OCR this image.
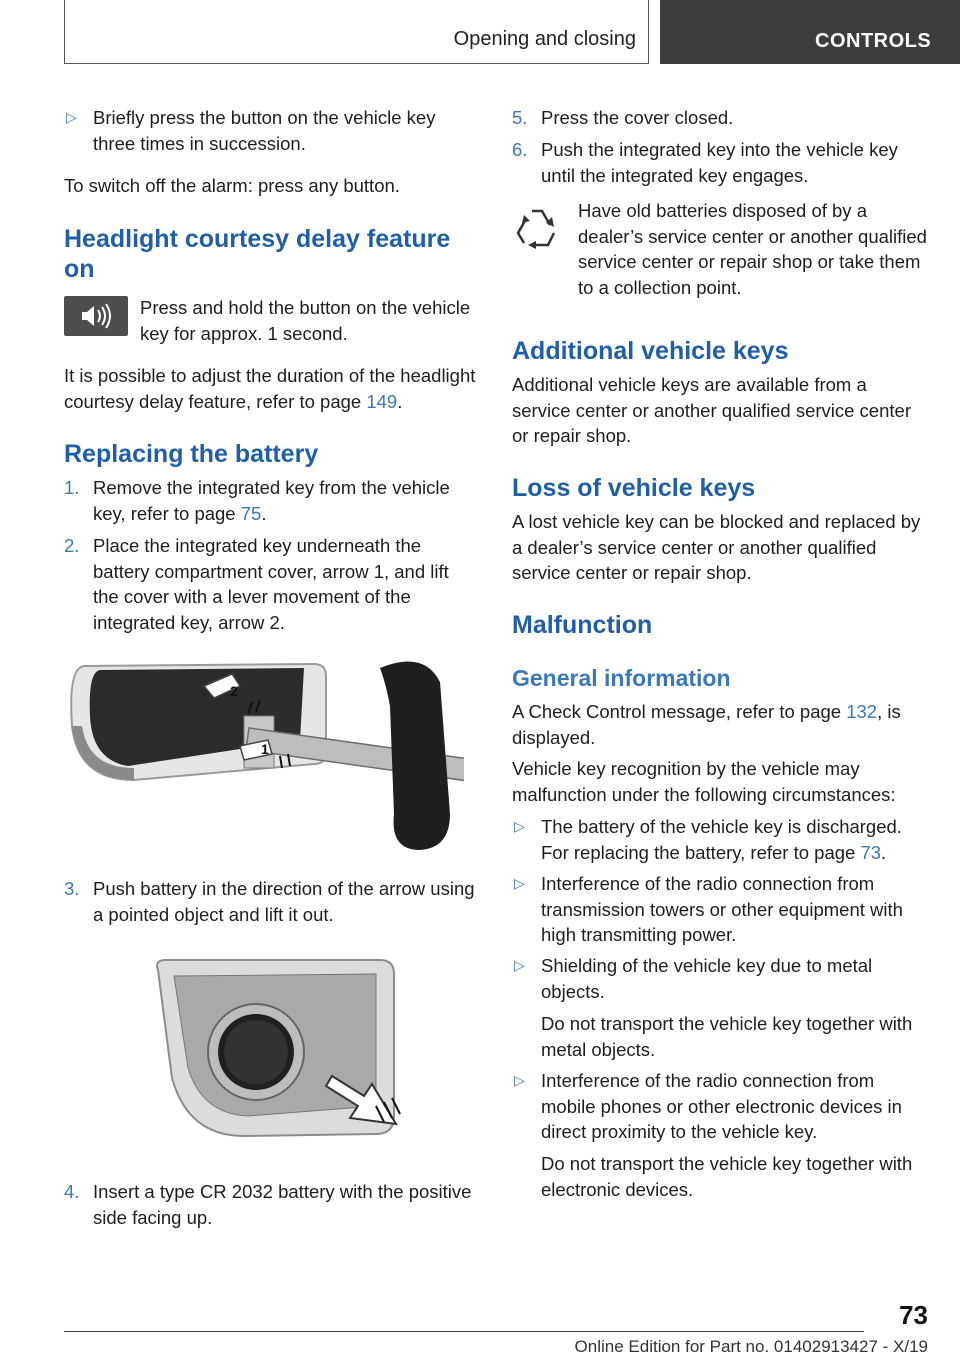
Opening and closing	CONTROLS
▷ Briefly press the button on the vehicle key three times in succession.
To switch off the alarm: press any button.
Headlight courtesy delay feature on
Press and hold the button on the vehicle key for approx. 1 second.
It is possible to adjust the duration of the headlight courtesy delay feature, refer to page 149.
Replacing the battery
1. Remove the integrated key from the vehicle key, refer to page 75.
2. Place the integrated key underneath the battery compartment cover, arrow 1, and lift the cover with a lever movement of the integrated key, arrow 2.
2
1
3. Push battery in the direction of the arrow using a pointed object and lift it out.
4. Insert a type CR 2032 battery with the positive side facing up.
5. Press the cover closed.
6. Push the integrated key into the vehicle key until the integrated key engages.
Have old batteries disposed of by a dealer’s service center or another qualified service center or repair shop or take them to a collection point.
Additional vehicle keys
Additional vehicle keys are available from a service center or another qualified service center or repair shop.
Loss of vehicle keys
A lost vehicle key can be blocked and replaced by a dealer’s service center or another qualified service center or repair shop.
Malfunction
General information
A Check Control message, refer to page 132, is displayed.
Vehicle key recognition by the vehicle may malfunction under the following circumstances:
▷ The battery of the vehicle key is discharged. For replacing the battery, refer to page 73.
▷ Interference of the radio connection from transmission towers or other equipment with high transmitting power.
▷ Shielding of the vehicle key due to metal objects.
Do not transport the vehicle key together with metal objects.
▷ Interference of the radio connection from mobile phones or other electronic devices in direct proximity to the vehicle key.
Do not transport the vehicle key together with electronic devices.
73
Online Edition for Part no. 01402913427 - X/19
